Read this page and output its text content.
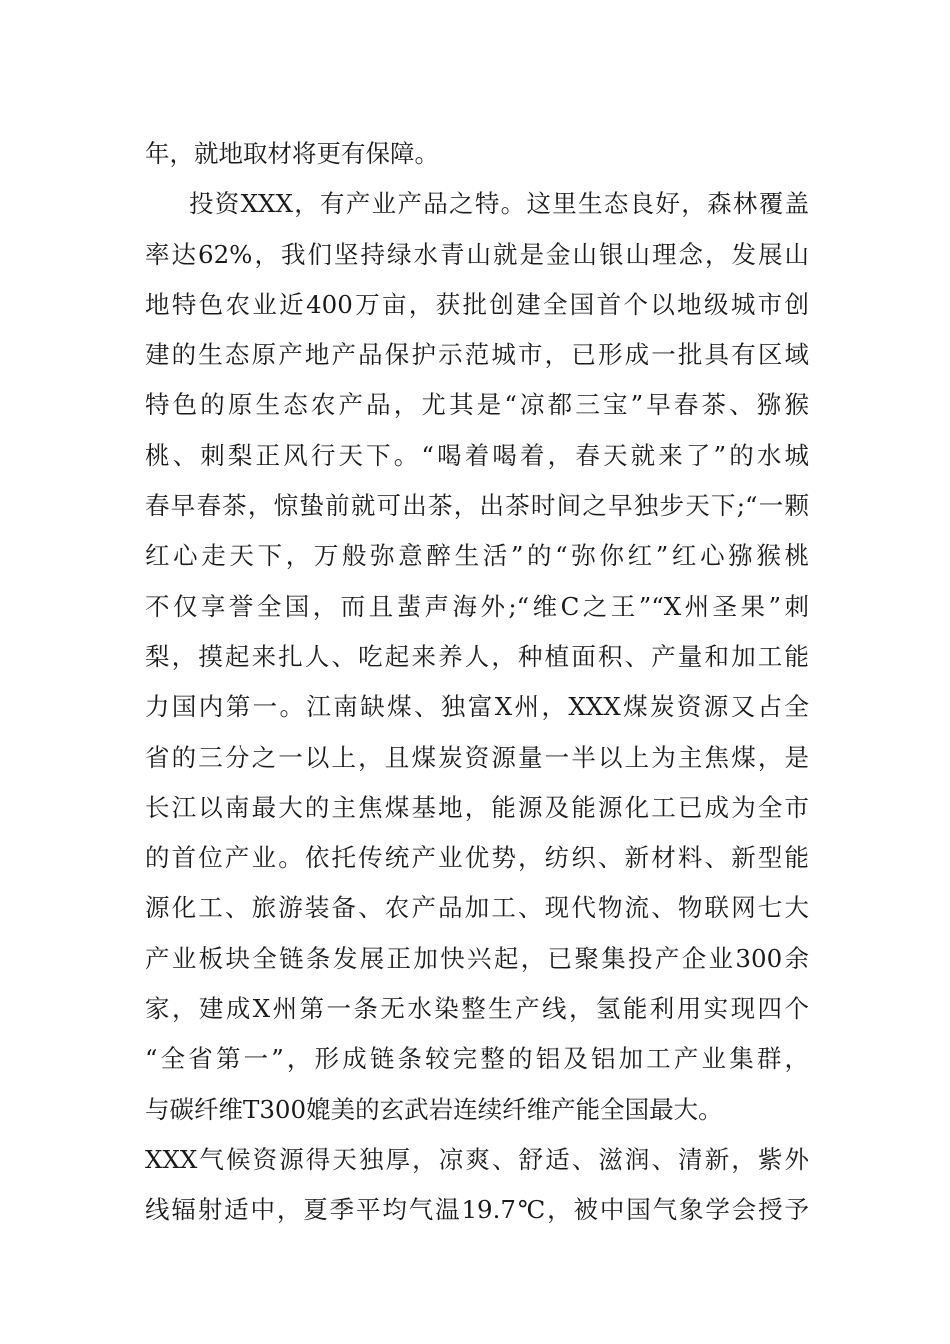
年，就地取材将更有保障。
投资XXX，有产业产品之特。这里生态良好，森林覆盖
率达62%，我们坚持绿水青山就是金山银山理念，发展山
地特色农业近400万亩，获批创建全国首个以地级城市创
建的生态原产地产品保护示范城市，已形成一批具有区域
特色的原生态农产品，尤其是“凉都三宝”早春茶、猕猴
桃、刺梨正风行天下。“喝着喝着，春天就来了”的水城
春早春茶，惊蛰前就可出茶，出茶时间之早独步天下;“一颗
红心走天下，万般弥意醉生活”的“弥你红”红心猕猴桃
不仅享誉全国，而且蜚声海外;“维C之王”“X州圣果”刺
梨，摸起来扎人、吃起来养人，种植面积、产量和加工能
力国内第一。江南缺煤、独富X州，XXX煤炭资源又占全
省的三分之一以上，且煤炭资源量一半以上为主焦煤，是
长江以南最大的主焦煤基地，能源及能源化工已成为全市
的首位产业。依托传统产业优势，纺织、新材料、新型能
源化工、旅游装备、农产品加工、现代物流、物联网七大
产业板块全链条发展正加快兴起，已聚集投产企业300余
家，建成X州第一条无水染整生产线，氢能利用实现四个
“全省第一”，形成链条较完整的铝及铝加工产业集群，
与碳纤维T300媲美的玄武岩连续纤维产能全国最大。
XXX气候资源得天独厚，凉爽、舒适、滋润、清新，紫外
线辐射适中，夏季平均气温19.7℃，被中国气象学会授予
